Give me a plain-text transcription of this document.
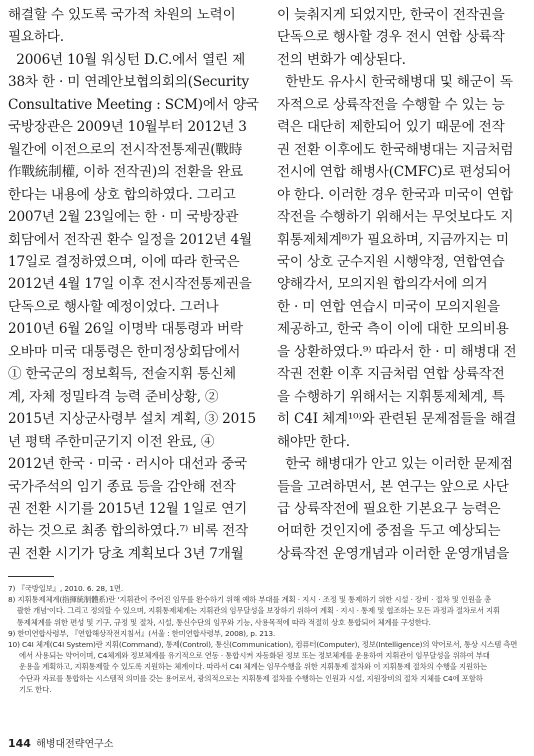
해결할 수 있도록 국가적 차원의 노력이

필요하다.

2006년 10월 워싱턴 D.C.에서 열린 제

38차 한 · 미 연례안보협의회의(Security

Consultative Meeting : SCM)에서 양국

국방장관은 2009년 10월부터 2012년 3

월간에 이전으로의 전시작전통제권(戰時

作戰統制權, 이하 전작권)의 전환을 완료

한다는 내용에 상호 합의하였다. 그리고

2007년 2월 23일에는 한 · 미 국방장관

회담에서 전작권 환수 일정을 2012년 4월

17일로 결정하였으며, 이에 따라 한국은

2012년 4월 17일 이후 전시작전통제권을

단독으로 행사할 예정이었다. 그러나

2010년 6월 26일 이명박 대통령과 버락

오바마 미국 대통령은 한미정상회담에서

① 한국군의 정보획득, 전술지휘 통신체

계, 자체 정밀타격 능력 준비상황, ②

2015년 지상군사령부 설치 계획, ③ 2015

년 평택 주한미군기지 이전 완료, ④

2012년 한국 · 미국 · 러시아 대선과 중국

국가주석의 임기 종료 등을 감안해 전작

권 전환 시기를 2015년 12월 1일로 연기

하는 것으로 최종 합의하였다.⁷⁾ 비록 전작

권 전환 시기가 당초 계획보다 3년 7개월

이 늦춰지게 되었지만, 한국이 전작권을

단독으로 행사할 경우 전시 연합 상륙작

전의 변화가 예상된다.

한반도 유사시 한국해병대 및 해군이 독

자적으로 상륙작전을 수행할 수 있는 능

력은 대단히 제한되어 있기 때문에 전작

권 전환 이후에도 한국해병대는 지금처럼

전시에 연합 해병사(CMFC)로 편성되어

야 한다. 이러한 경우 한국과 미국이 연합

작전을 수행하기 위해서는 무엇보다도 지

휘통제체계⁸⁾가 필요하며, 지금까지는 미

국이 상호 군수지원 시행약정, 연합연습

양해각서, 모의지원 합의각서에 의거

한 · 미 연합 연습시 미국이 모의지원을

제공하고, 한국 측이 이에 대한 모의비용

을 상환하였다.⁹⁾ 따라서 한 · 미 해병대 전

작권 전환 이후 지금처럼 연합 상륙작전

을 수행하기 위해서는 지휘통제체계, 특

히 C4I 체계¹⁰⁾와 관련된 문제점들을 해결

해야만 한다.

한국 해병대가 안고 있는 이러한 문제점

들을 고려하면서, 본 연구는 앞으로 사단

급 상륙작전에 필요한 기본요구 능력은

어떠한 것인지에 중점을 두고 예상되는

상륙작전 운영개념과 이러한 운영개념을

7) 『국방일보』, 2010. 6. 28, 1면.

8) 지휘통제체계(指揮統制體系)란 '지휘관이 주어진 임무를 완수하기 위해 예하 부대를 계획 · 지시 · 조정 및 통제하기 위한 시설 · 장비 · 절차 및 인원을 총

괄한 개념'이다. 그리고 정의할 수 있으며, 지휘통제체계는 지휘관의 임무달성을 보장하기 위하여 계획 · 지시 · 통제 및 협조하는 모든 과정과 절차로서 지휘

통제체계를 위한 편성 및 기구, 규정 및 절차, 시설, 통신수단의 임무와 기능, 사용목적에 따라 적절히 상호 통합되어 체계를 구성한다.

9) 한미연합사령부, 『연합해상작전지침서』(서울 : 한미연합사령부, 2008), p. 213.

10) C4I 체계(C4I System)란 지휘(Command), 통제(Control), 통신(Communication), 컴퓨터(Computer), 정보(Intelligence)의 약어로서, 통상 시스템 측면

에서 사용되는 약어이며, C4체계와 정보체계를 유기적으로 연동 · 통합시켜 자동화된 정보 또는 정보체계를 운용하여 지휘관이 임무달성을 위하여 부대

운용을 계획하고, 지휘통제할 수 있도록 지원하는 체계이다. 따라서 C4I 체계는 임무수행을 위한 지휘통제 절차와 이 지휘통제 절차의 수행을 지원하는

수단과 자료를 통합하는 시스템적 의미를 갖는 용어로서, 광의적으로는 지휘통제 절차를 수행하는 인원과 시설, 지원장비의 절차 지체를 C4에 포함하

기도 한다.

144 해병대전략연구소
